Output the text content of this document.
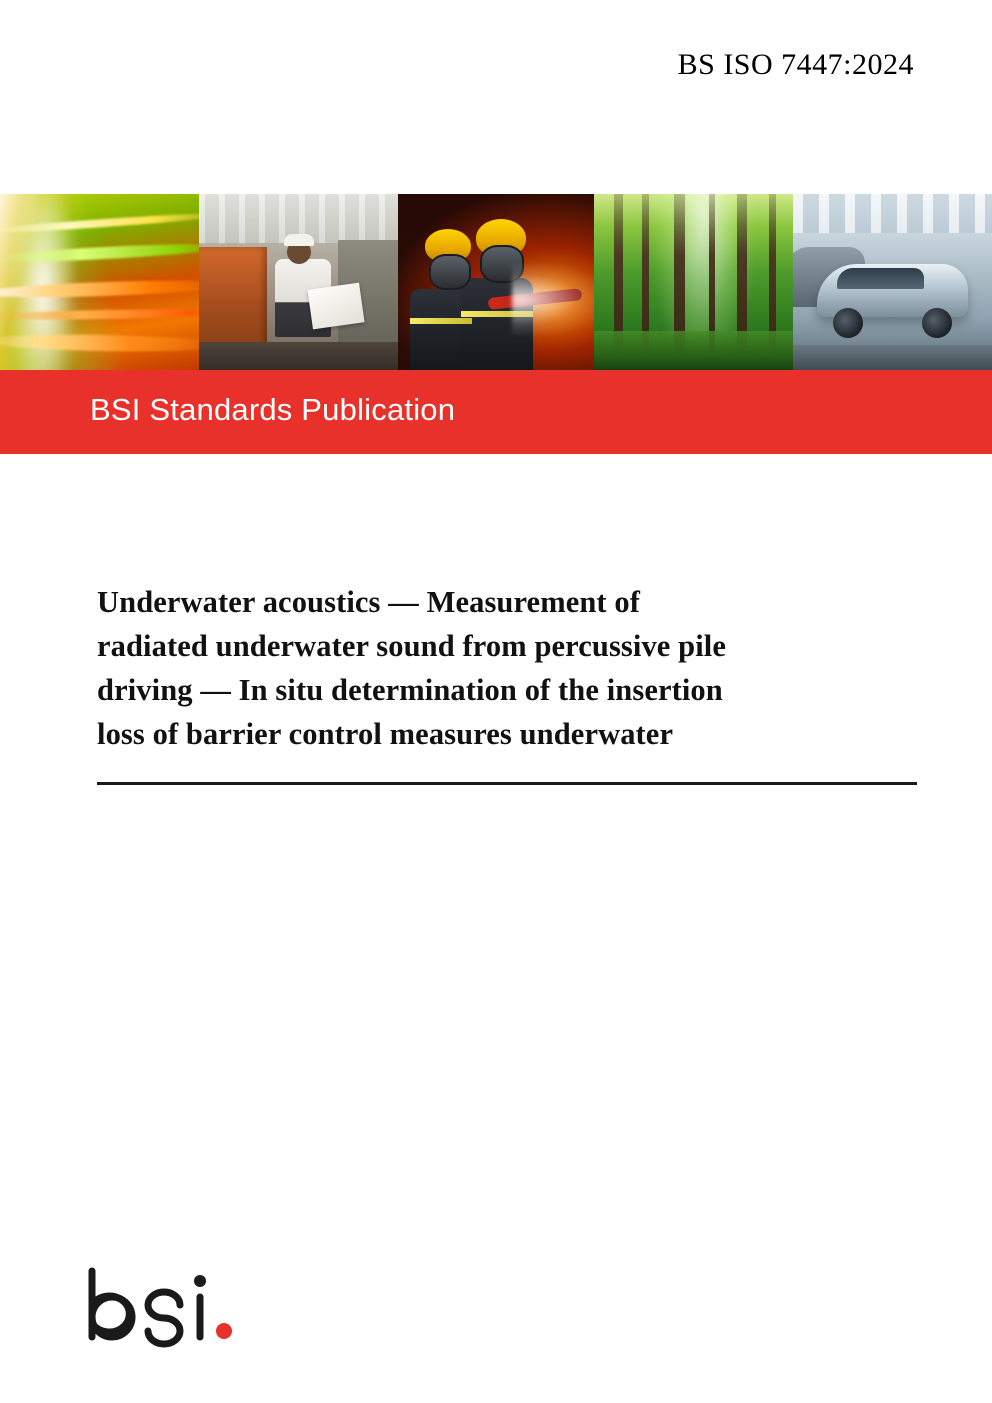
BS ISO 7447:2024
BSI Standards Publication
Underwater acoustics — Measurement of
radiated underwater sound from percussive pile
driving — In situ determination of the insertion
loss of barrier control measures underwater
